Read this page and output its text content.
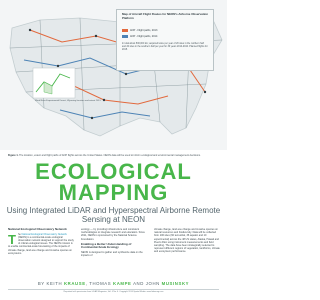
Map of Aircraft Flight Routes for NEON's Airborne Observation Platform
AOP - Flight paths, 2013
AOP - Flight paths, 2014
In total about 500,000 km; acquired twice per year of 20 sites in the northern half and 20 sites in the southern half per year for 30 years 2014-2044. Planned flights for 2015.
Wind River Experimental Forest, Wyoming location and extent 2013
Figure 1. The location, extent and flight paths of AOP flights across the United States. NEON data will be used to inform ecological and environmental management decisions.
ECOLOGICAL
MAPPING
Using Integrated LiDAR and Hyperspectral Airborne Remote Sensing at NEON
National Ecological Observatory Network
T he National Ecological Observatory Network (NEON) is a continental-scale ecological observation network designed to support the study of critical ecological issues. The NEON mission is to enable continental-scale forecasting of the impacts of climate change, land-use change and invasive species on ecosystems.
ecology — by providing infrastructure and consistent methodologies to integrate research and education. Since 2011, NEON is sponsored by the National Science Foundation.
Enabling a Better Understanding of Continental-Scale Ecology
NEON is designed to gather and synthesize data on the impacts of
climate change, land-use change and invasive species on natural resources and biodiversity. Data will be collected from 106 sites (60 terrestrial, 36 aquatic and 10 experimental) across the 48 US states, Alaska, Hawaii and Puerto Rico using instrument measurements and field sampling. The data have been strategically selected to represent different regions of vegetation, landforms, climate and ecosystem performance.
BY KEITH KRAUSE, THOMAS KAMPE AND JOHN MUSINSKY
Reprinted with permission from LiDAR Magazine, Vol. 4 No. 6. Copyright 2014 Spatial Media. www.lidarmag.com
